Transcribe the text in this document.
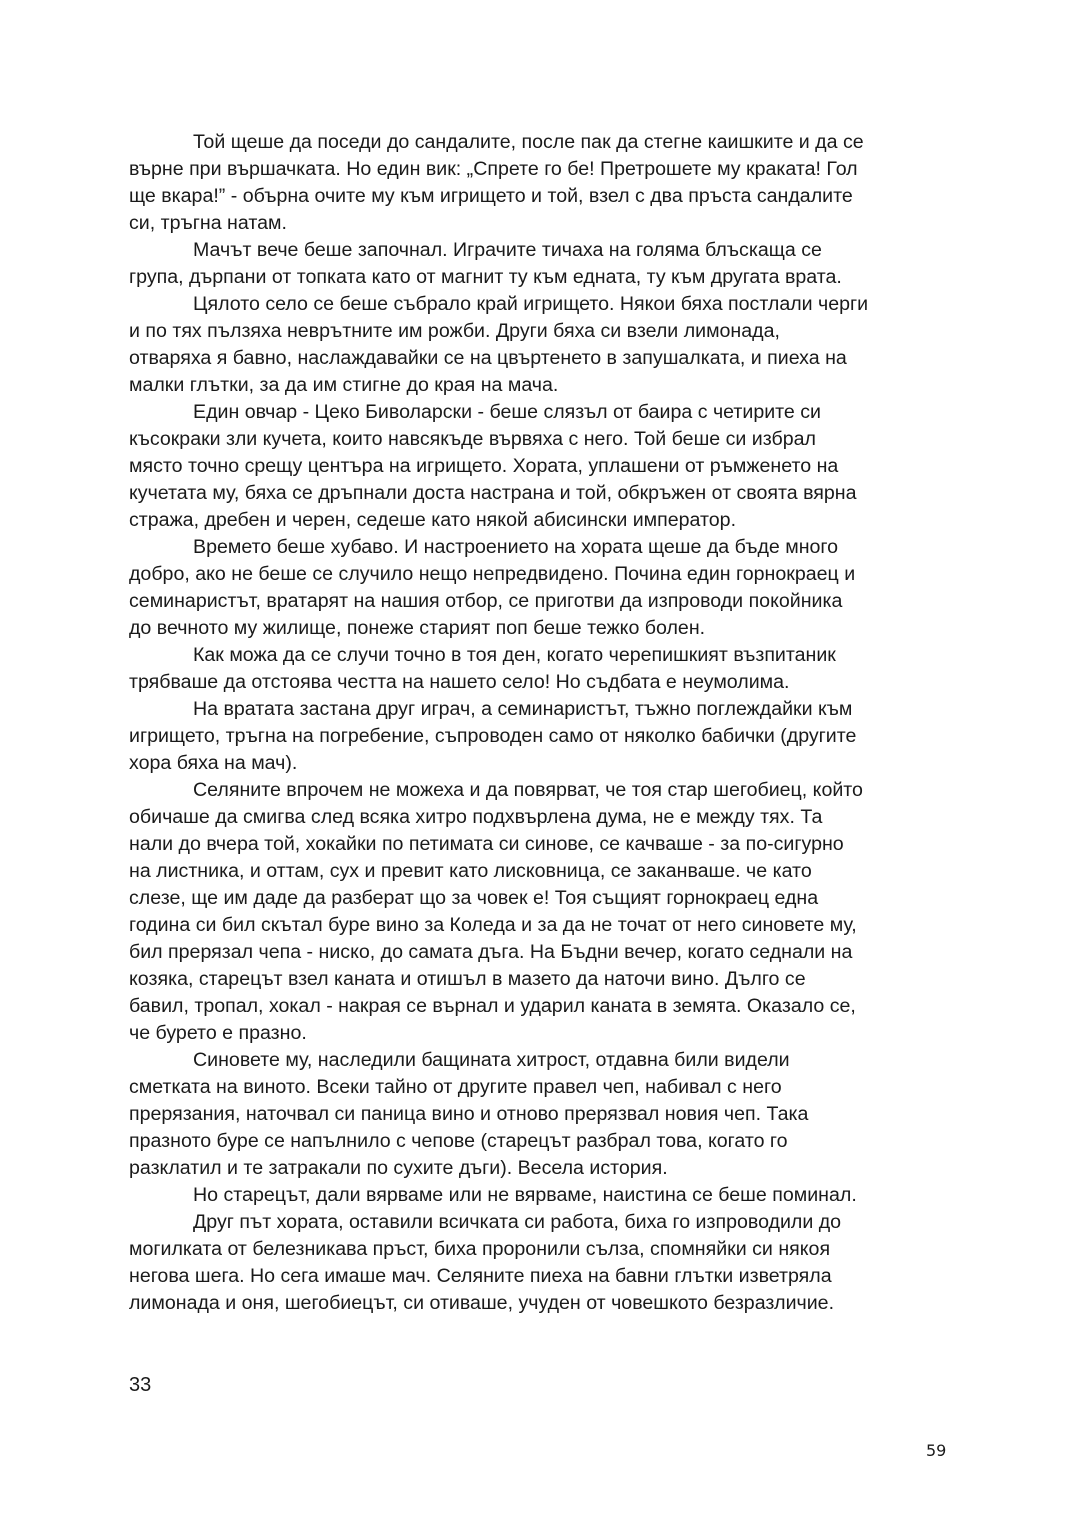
Той щеше да поседи до сандалите, после пак да стегне каишките и да се
върне при вършачката. Но един вик: „Спрете го бе! Претрошете му краката! Гол
ще вкара!” - обърна очите му към игрището и той, взел с два пръста сандалите
си, тръгна натам.

Мачът вече беше започнал. Играчите тичаха на голяма блъскаща се
група, дърпани от топката като от магнит ту към едната, ту към другата врата.

Цялото село се беше събрало край игрището. Някои бяха постлали черги
и по тях пълзяха неврътните им рожби. Други бяха си взели лимонада,
отваряха я бавно, наслаждавайки се на цвъртенето в запушалката, и пиеха на
малки глътки, за да им стигне до края на мача.

Един овчар - Цеко Биволарски - беше слязъл от баира с четирите си
късокраки зли кучета, които навсякъде вървяха с него. Той беше си избрал
място точно срещу центъра на игрището. Хората, уплашени от ръмженето на
кучетата му, бяха се дръпнали доста настрана и той, обкръжен от своята вярна
стража, дребен и черен, седеше като някой абисински император.

Времето беше хубаво. И настроението на хората щеше да бъде много
добро, ако не беше се случило нещо непредвидено. Почина един горнокраец и
семинаристът, вратарят на нашия отбор, се приготви да изпроводи покойника
до вечното му жилище, понеже старият поп беше тежко болен.

Как можа да се случи точно в тоя ден, когато черепишкият възпитаник
трябваше да отстоява честта на нашето село! Но съдбата е неумолима.

На вратата застана друг играч, а семинаристът, тъжно поглеждайки към
игрището, тръгна на погребение, съпроводен само от няколко бабички (другите
хора бяха на мач).

Селяните впрочем не можеха и да повярват, че тоя стар шегобиец, който
обичаше да смигва след всяка хитро подхвърлена дума, не е между тях. Та
нали до вчера той, хокайки по петимата си синове, се качваше - за по-сигурно
на листника, и оттам, сух и превит като лисковница, се заканваше. че като
слезе, ще им даде да разберат що за човек е! Тоя същият горнокраец една
година си бил скътал буре вино за Коледа и за да не точат от него синовете му,
бил прерязал чепа - ниско, до самата дъга. На Бъдни вечер, когато седнали на
козяка, старецът взел каната и отишъл в мазето да наточи вино. Дълго се
бавил, тропал, хокал - накрая се върнал и ударил каната в земята. Оказало се,
че бурето е празно.

Синовете му, наследили бащината хитрост, отдавна били видели
сметката на виното. Всеки тайно от другите правел чеп, набивал с него
прерязания, наточвал си паница вино и отново прерязвал новия чеп. Така
празното буре се напълнило с чепове (старецът разбрал това, когато го
разклатил и те затракали по сухите дъги). Весела история.

Но старецът, дали вярваме или не вярваме, наистина се беше поминал.

Друг път хората, оставили всичката си работа, биха го изпроводили до
могилката от белезникава пръст, биха проронили сълза, спомняйки си някоя
негова шега. Но сега имаше мач. Селяните пиеха на бавни глътки изветряла
лимонада и оня, шегобиецът, си отиваше, учуден от човешкото безразличие.

33
59
